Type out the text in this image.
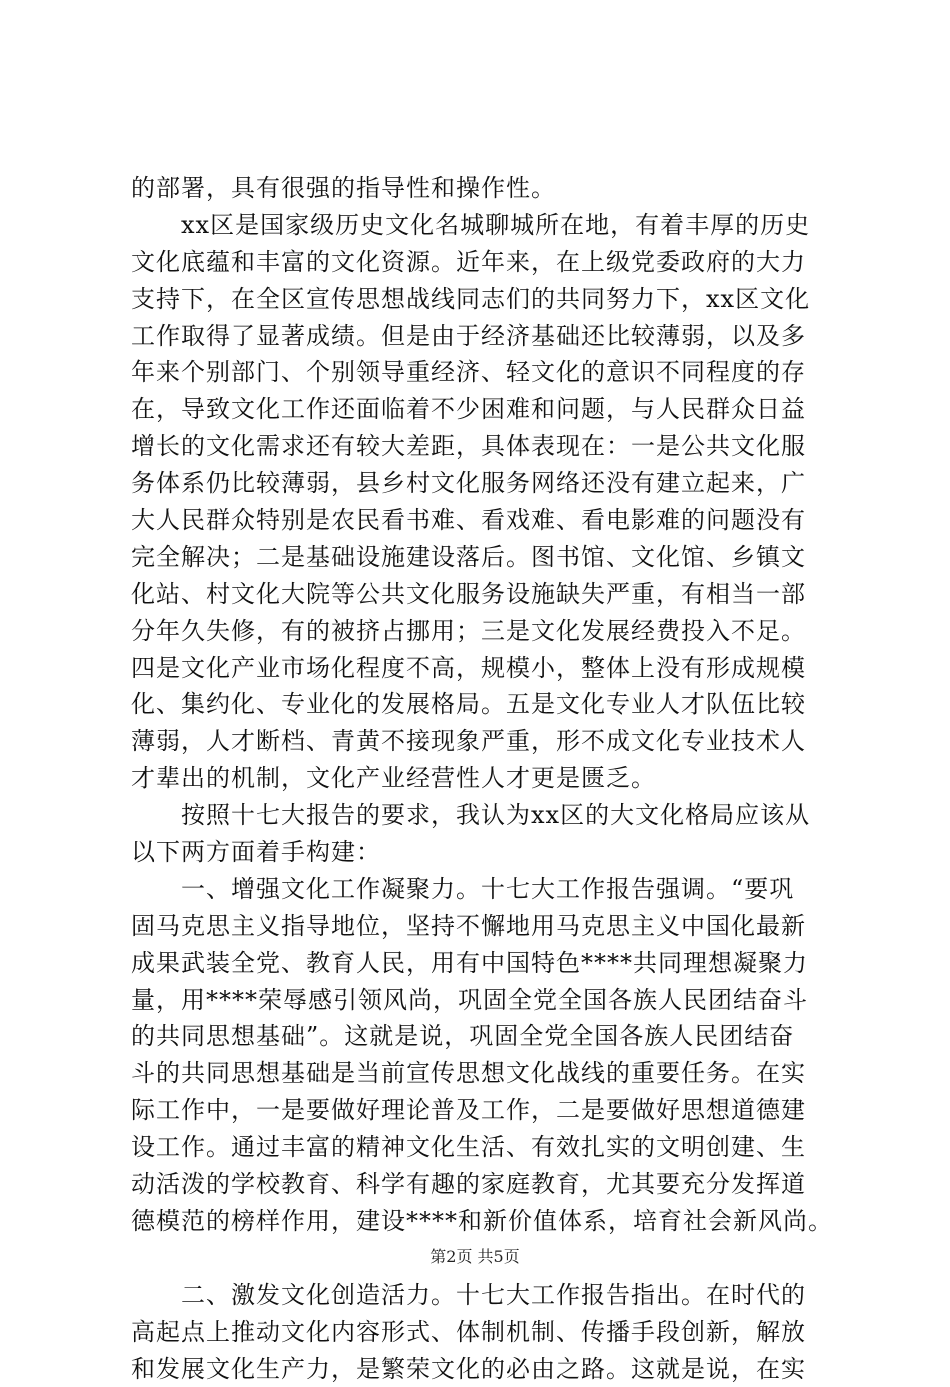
的部署，具有很强的指导性和操作性。
　　xx区是国家级历史文化名城聊城所在地，有着丰厚的历史
文化底蕴和丰富的文化资源。近年来，在上级党委政府的大力
支持下，在全区宣传思想战线同志们的共同努力下，xx区文化
工作取得了显著成绩。但是由于经济基础还比较薄弱，以及多
年来个别部门、个别领导重经济、轻文化的意识不同程度的存
在，导致文化工作还面临着不少困难和问题，与人民群众日益
增长的文化需求还有较大差距，具体表现在：一是公共文化服
务体系仍比较薄弱，县乡村文化服务网络还没有建立起来，广
大人民群众特别是农民看书难、看戏难、看电影难的问题没有
完全解决；二是基础设施建设落后。图书馆、文化馆、乡镇文
化站、村文化大院等公共文化服务设施缺失严重，有相当一部
分年久失修，有的被挤占挪用；三是文化发展经费投入不足。
四是文化产业市场化程度不高，规模小，整体上没有形成规模
化、集约化、专业化的发展格局。五是文化专业人才队伍比较
薄弱，人才断档、青黄不接现象严重，形不成文化专业技术人
才辈出的机制，文化产业经营性人才更是匮乏。
　　按照十七大报告的要求，我认为xx区的大文化格局应该从
以下两方面着手构建：
　　一、增强文化工作凝聚力。十七大工作报告强调。“要巩
固马克思主义指导地位，坚持不懈地用马克思主义中国化最新
成果武装全党、教育人民，用有中国特色****共同理想凝聚力
量，用****荣辱感引领风尚，巩固全党全国各族人民团结奋斗
的共同思想基础”。这就是说，巩固全党全国各族人民团结奋
斗的共同思想基础是当前宣传思想文化战线的重要任务。在实
际工作中，一是要做好理论普及工作，二是要做好思想道德建
设工作。通过丰富的精神文化生活、有效扎实的文明创建、生
动活泼的学校教育、科学有趣的家庭教育，尤其要充分发挥道
德模范的榜样作用，建设****和新价值体系，培育社会新风尚。
　　二、激发文化创造活力。十七大工作报告指出。在时代的
高起点上推动文化内容形式、体制机制、传播手段创新，解放
和发展文化生产力，是繁荣文化的必由之路。这就是说，在实
第2页 共5页
